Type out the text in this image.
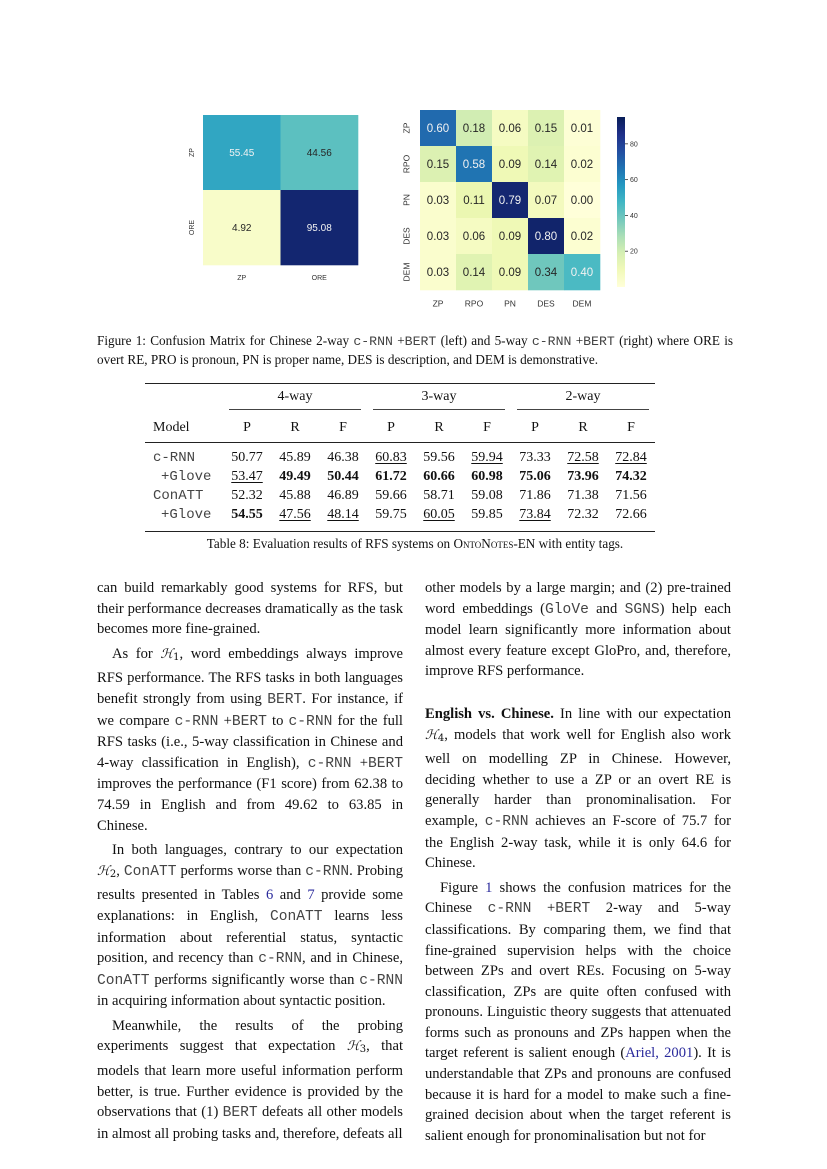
55.45	44.56
4.92	95.08
ZP
ORE
ZP	ORE
0.60 0.18 0.06 0.15 0.01
0.15 0.58 0.09 0.14 0.02
0.03 0.11 0.79 0.07 0.00
0.03 0.06 0.09 0.80 0.02
0.03 0.14 0.09 0.34 0.40
ZP
RPO
PN
DES
DEM
ZP	RPO PN	DES DEM
80
60
40
20
Figure 1: Confusion Matrix for Chinese 2-way c-RNN +BERT (left) and 5-way c-RNN +BERT (right) where ORE is overt RE, PRO is pronoun, PN is proper name, DES is description, and DEM is demonstrative.
	4-way			3-way			2-way		
Model	P	R	F	P	R	F	P	R	F
c-RNN	50.77	45.89	46.38	60.83	59.56	59.94	73.33	72.58	72.84
+Glove	53.47	49.49	50.44	61.72	60.66	60.98	75.06	73.96	74.32
ConATT	52.32	45.88	46.89	59.66	58.71	59.08	71.86	71.38	71.56
+Glove	54.55	47.56	48.14	59.75	60.05	59.85	73.84	72.32	72.66
Table 8: Evaluation results of RFS systems on OntoNotes-EN with entity tags.

can build remarkably good systems for RFS, but their performance decreases dramatically as the task becomes more fine-grained.

As for ℋ1, word embeddings always improve RFS performance. The RFS tasks in both languages benefit strongly from using BERT. For instance, if we compare c-RNN +BERT to c-RNN for the full RFS tasks (i.e., 5-way classification in Chinese and 4-way classification in English), c-RNN +BERT improves the performance (F1 score) from 62.38 to 74.59 in English and from 49.62 to 63.85 in Chinese.

In both languages, contrary to our expectation ℋ2, ConATT performs worse than c-RNN. Probing results presented in Tables 6 and 7 provide some explanations: in English, ConATT learns less information about referential status, syntactic position, and recency than c-RNN, and in Chinese, ConATT performs significantly worse than c-RNN in acquiring information about syntactic position.

Meanwhile, the results of the probing experiments suggest that expectation ℋ3, that models that learn more useful information perform better, is true. Further evidence is provided by the observations that (1) BERT defeats all other models in almost all probing tasks and, therefore, defeats all

other models by a large margin; and (2) pre-trained word embeddings (GloVe and SGNS) help each model learn significantly more information about almost every feature except GloPro, and, therefore, improve RFS performance.

English vs. Chinese. In line with our expectation ℋ4, models that work well for English also work well on modelling ZP in Chinese. However, deciding whether to use a ZP or an overt RE is generally harder than pronominalisation. For example, c-RNN achieves an F-score of 75.7 for the English 2-way task, while it is only 64.6 for Chinese.

Figure 1 shows the confusion matrices for the Chinese c-RNN +BERT 2-way and 5-way classifications. By comparing them, we find that fine-grained supervision helps with the choice between ZPs and overt REs. Focusing on 5-way classification, ZPs are quite often confused with pronouns. Linguistic theory suggests that attenuated forms such as pronouns and ZPs happen when the target referent is salient enough (Ariel, 2001). It is understandable that ZPs and pronouns are confused because it is hard for a model to make such a fine-grained decision about when the target referent is salient enough for pronominalisation but not for
